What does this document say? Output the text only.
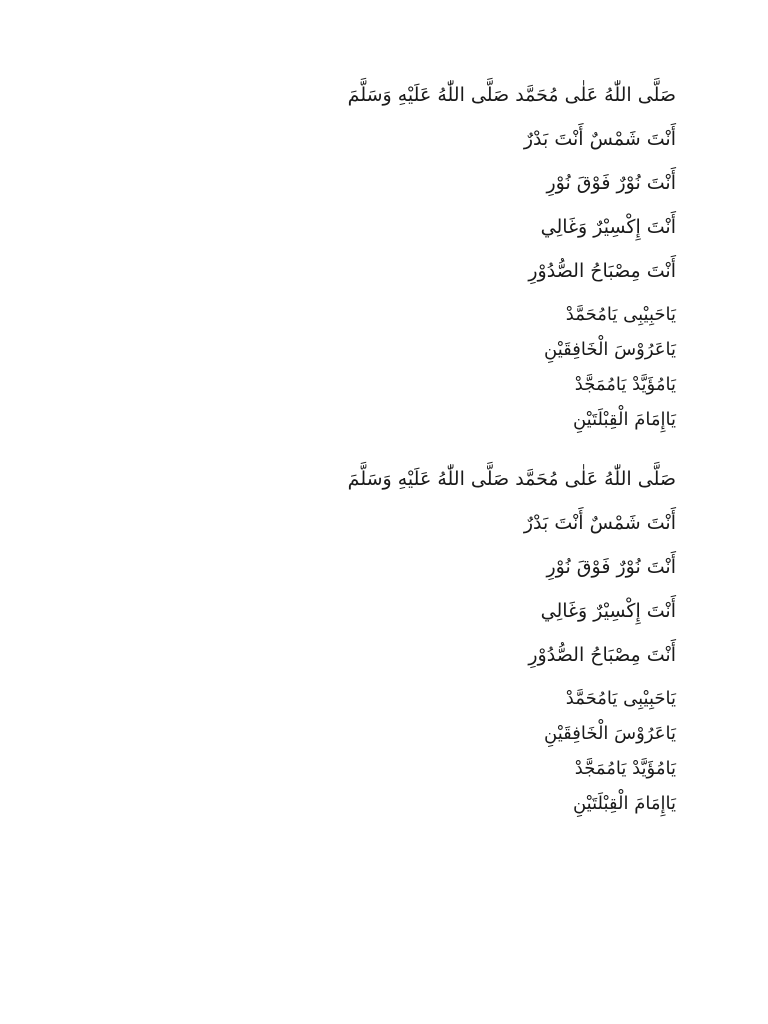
صَلَّى اللّٰهُ عَلٰى مُحَمَّد صَلَّى اللّٰهُ عَلَيْهِ وَسَلَّمَ
أَنْتَ شَمْسٌ أَنْتَ بَدْرٌ
أَنْتَ نُوْرٌ فَوْقَ نُوْرِ
أَنْتَ إِكْسِيْرٌ وَغَالِي
أَنْتَ مِصْبَاحُ الصُّدُوْرِ
يَاحَبِيْبِى يَامُحَمَّدْ
يَاعَرُوْسَ الْخَافِقَيْنِ
يَامُؤَيَّدْ يَامُمَجَّدْ
يَاإِمَامَ الْقِبْلَتَيْنِ
صَلَّى اللّٰهُ عَلٰى مُحَمَّد صَلَّى اللّٰهُ عَلَيْهِ وَسَلَّمَ
أَنْتَ شَمْسٌ أَنْتَ بَدْرٌ
أَنْتَ نُوْرٌ فَوْقَ نُوْرِ
أَنْتَ إِكْسِيْرٌ وَغَالِي
أَنْتَ مِصْبَاحُ الصُّدُوْرِ
يَاحَبِيْبِى يَامُحَمَّدْ
يَاعَرُوْسَ الْخَافِقَيْنِ
يَامُؤَيَّدْ يَامُمَجَّدْ
يَاإِمَامَ الْقِبْلَتَيْنِ
